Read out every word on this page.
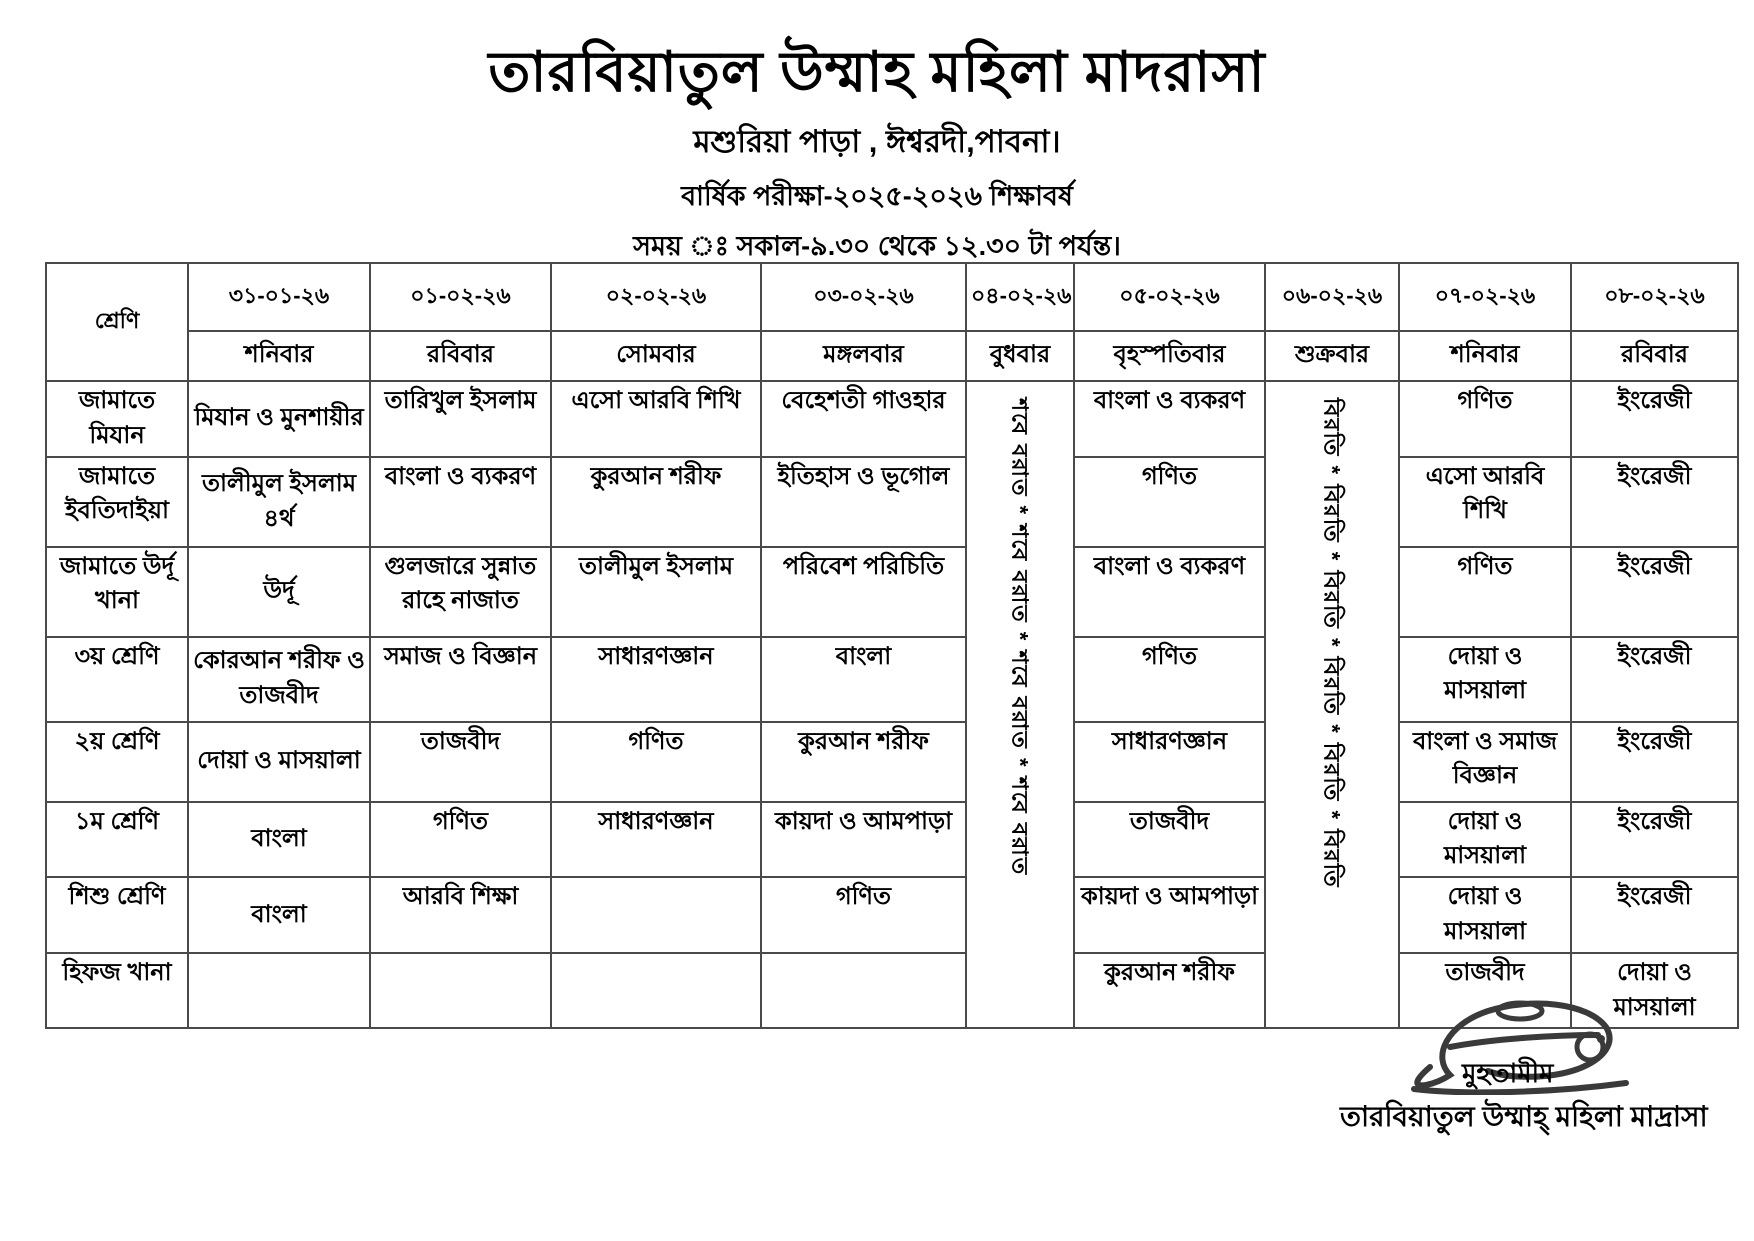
তারবিয়াতুল উম্মাহ মহিলা মাদরাসা
মশুরিয়া পাড়া , ঈশ্বরদী,পাবনা।
বার্ষিক পরীক্ষা-২০২৫-২০২৬ শিক্ষাবর্ষ
সময় ঃ সকাল-৯.৩০ থেকে ১২.৩০ টা পর্যন্ত।
শ্রেণি	৩১-০১-২৬	০১-০২-২৬	০২-০২-২৬	০৩-০২-২৬	০৪-০২-২৬	০৫-০২-২৬	০৬-০২-২৬	০৭-০২-২৬	০৮-০২-২৬
	শনিবার	রবিবার	সোমবার	মঙ্গলবার	বুধবার	বৃহস্পতিবার	শুক্রবার	শনিবার	রবিবার
জামাতে মিযান	মিযান ও মুনশায়ীর	তারিখুল ইসলাম	এসো আরবি শিখি	বেহেশতী গাওহার	শবে বরাত * শবে বরাত * শবে বরাত * শবে বরাত	বাংলা ও ব্যকরণ	বিরতি * বিরতি * বিরতি * বিরতি * বিরতি * বিরতি	গণিত	ইংরেজী
জামাতে ইবতিদাইয়া	তালীমুল ইসলাম ৪র্থ	বাংলা ও ব্যকরণ	কুরআন শরীফ	ইতিহাস ও ভূগোল		গণিত		এসো আরবি শিখি	ইংরেজী
জামাতে উর্দূ খানা	উর্দূ	গুলজারে সুন্নাত রাহে নাজাত	তালীমুল ইসলাম	পরিবেশ পরিচিতি		বাংলা ও ব্যকরণ		গণিত	ইংরেজী
৩য় শ্রেণি	কোরআন শরীফ ও তাজবীদ	সমাজ ও বিজ্ঞান	সাধারণজ্ঞান	বাংলা		গণিত		দোয়া ও মাসয়ালা	ইংরেজী
২য় শ্রেণি	দোয়া ও মাসয়ালা	তাজবীদ	গণিত	কুরআন শরীফ		সাধারণজ্ঞান		বাংলা ও সমাজ বিজ্ঞান	ইংরেজী
১ম শ্রেণি	বাংলা	গণিত	সাধারণজ্ঞান	কায়দা ও আমপাড়া		তাজবীদ		দোয়া ও মাসয়ালা	ইংরেজী
শিশু শ্রেণি	বাংলা	আরবি শিক্ষা		গণিত		কায়দা ও আমপাড়া		দোয়া ও মাসয়ালা	ইংরেজী
হিফজ খানা						কুরআন শরীফ		তাজবীদ	দোয়া ও মাসয়ালা
মুহতামীম
তারবিয়াতুল উম্মাহ্ মহিলা মাদ্রাসা
